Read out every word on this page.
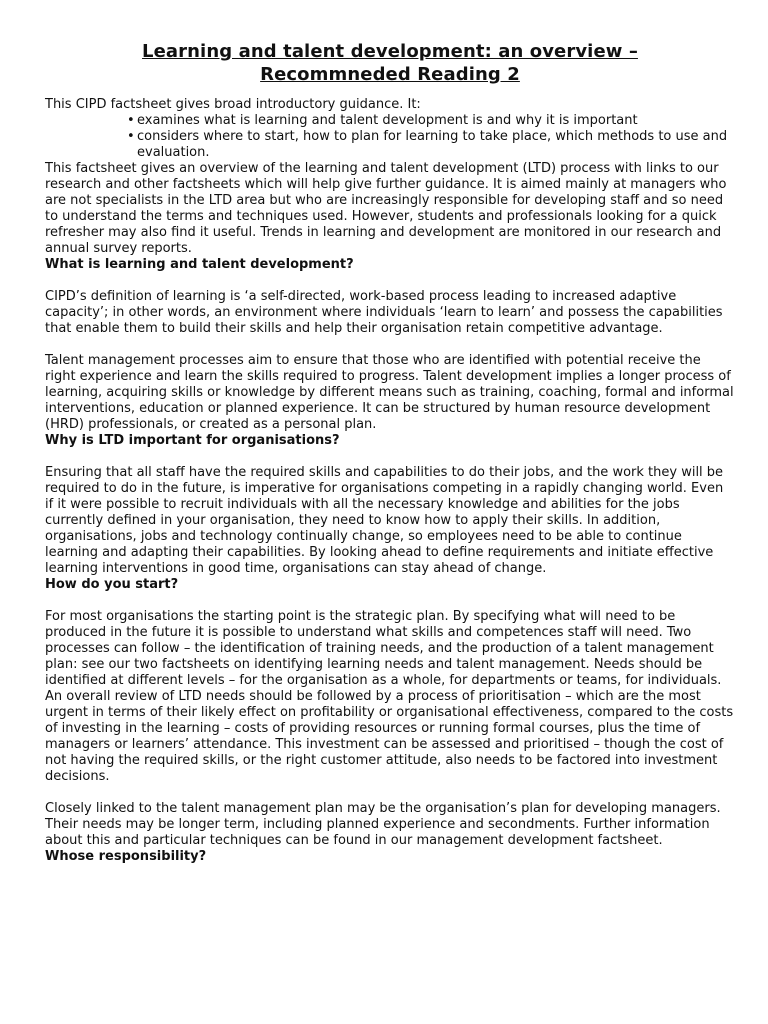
Learning and talent development: an overview –
Recommneded Reading 2

This CIPD factsheet gives broad introductory guidance. It:

• examines what is learning and talent development is and why it is important
• considers where to start, how to plan for learning to take place, which methods to use and evaluation.

This factsheet gives an overview of the learning and talent development (LTD) process with links to our research and other factsheets which will help give further guidance. It is aimed mainly at managers who are not specialists in the LTD area but who are increasingly responsible for developing staff and so need to understand the terms and techniques used. However, students and professionals looking for a quick refresher may also find it useful. Trends in learning and development are monitored in our research and annual survey reports.

What is learning and talent development?

CIPD’s definition of learning is ‘a self-directed, work-based process leading to increased adaptive capacity’; in other words, an environment where individuals ‘learn to learn’ and possess the capabilities that enable them to build their skills and help their organisation retain competitive advantage.

Talent management processes aim to ensure that those who are identified with potential receive the right experience and learn the skills required to progress. Talent development implies a longer process of learning, acquiring skills or knowledge by different means such as training, coaching, formal and informal interventions, education or planned experience. It can be structured by human resource development (HRD) professionals, or created as a personal plan.

Why is LTD important for organisations?

Ensuring that all staff have the required skills and capabilities to do their jobs, and the work they will be required to do in the future, is imperative for organisations competing in a rapidly changing world. Even if it were possible to recruit individuals with all the necessary knowledge and abilities for the jobs currently defined in your organisation, they need to know how to apply their skills. In addition, organisations, jobs and technology continually change, so employees need to be able to continue learning and adapting their capabilities. By looking ahead to define requirements and initiate effective learning interventions in good time, organisations can stay ahead of change.

How do you start?

For most organisations the starting point is the strategic plan. By specifying what will need to be produced in the future it is possible to understand what skills and competences staff will need. Two processes can follow – the identification of training needs, and the production of a talent management plan: see our two factsheets on identifying learning needs and talent management. Needs should be identified at different levels – for the organisation as a whole, for departments or teams, for individuals. An overall review of LTD needs should be followed by a process of prioritisation – which are the most urgent in terms of their likely effect on profitability or organisational effectiveness, compared to the costs of investing in the learning – costs of providing resources or running formal courses, plus the time of managers or learners’ attendance. This investment can be assessed and prioritised – though the cost of not having the required skills, or the right customer attitude, also needs to be factored into investment decisions.

Closely linked to the talent management plan may be the organisation’s plan for developing managers. Their needs may be longer term, including planned experience and secondments. Further information about this and particular techniques can be found in our management development factsheet.

Whose responsibility?
